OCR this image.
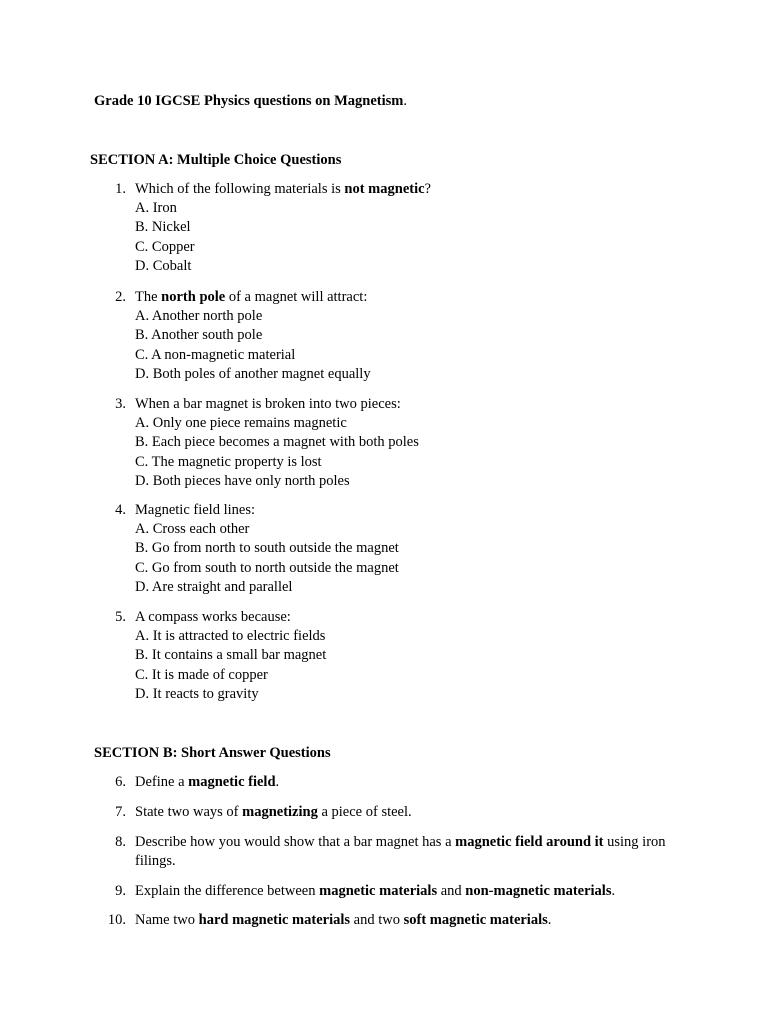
Grade 10 IGCSE Physics questions on Magnetism.
SECTION A: Multiple Choice Questions
1. Which of the following materials is not magnetic?
A. Iron
B. Nickel
C. Copper
D. Cobalt
2. The north pole of a magnet will attract:
A. Another north pole
B. Another south pole
C. A non-magnetic material
D. Both poles of another magnet equally
3. When a bar magnet is broken into two pieces:
A. Only one piece remains magnetic
B. Each piece becomes a magnet with both poles
C. The magnetic property is lost
D. Both pieces have only north poles
4. Magnetic field lines:
A. Cross each other
B. Go from north to south outside the magnet
C. Go from south to north outside the magnet
D. Are straight and parallel
5. A compass works because:
A. It is attracted to electric fields
B. It contains a small bar magnet
C. It is made of copper
D. It reacts to gravity
SECTION B: Short Answer Questions
6. Define a magnetic field.
7. State two ways of magnetizing a piece of steel.
8. Describe how you would show that a bar magnet has a magnetic field around it using iron filings.
9. Explain the difference between magnetic materials and non-magnetic materials.
10. Name two hard magnetic materials and two soft magnetic materials.
